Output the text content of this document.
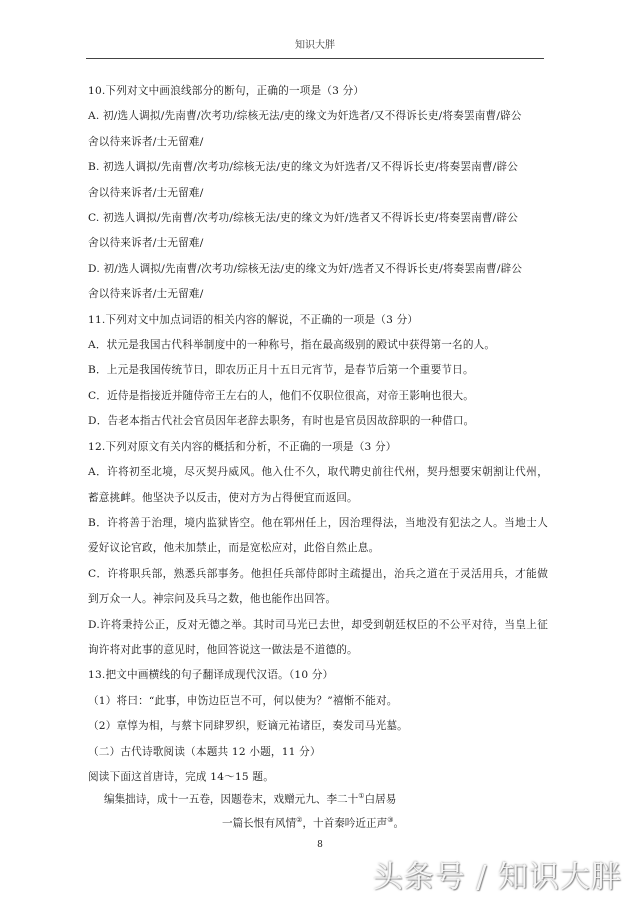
知识大胖

10.下列对文中画浪线部分的断句，正确的一项是（3 分）

A. 初/选人调拟/先南曹/次考功/综核无法/吏的缘文为奸选者/又不得诉长吏/将奏罢南曹/辟公

舍以待来诉者/士无留难/

B. 初选人调拟/先南曹/次考功/综核无法/吏的缘文为奸选者/又不得诉长吏/将奏罢南曹/辟公

舍以待来诉者/士无留难/

C. 初选人调拟/先南曹/次考功/综核无法/吏的缘文为奸/选者又不得诉长吏/将奏罢南曹/辟公

舍以待来诉者/士无留难/

D. 初/选人调拟/先南曹/次考功/综核无法/吏的缘文为奸/选者又不得诉长吏/将奏罢南曹/辟公

舍以待来诉者/士无留难/

11.下列对文中加点词语的相关内容的解说，不正确的一项是（3 分）

A．状元是我国古代科举制度中的一种称号，指在最高级别的殿试中获得第一名的人。

B．上元是我国传统节日，即农历正月十五日元宵节，是春节后第一个重要节日。

C．近侍是指接近并随侍帝王左右的人，他们不仅职位很高，对帝王影响也很大。

D．告老本指古代社会官员因年老辞去职务，有时也是官员因故辞职的一种借口。

12.下列对原文有关内容的概括和分析，不正确的一项是（3 分）

A．许将初至北境，尽灭契丹威风。他入仕不久，取代聘史前往代州，契丹想要宋朝割让代州，蓄意挑衅。他坚决予以反击，使对方为占得便宜而返回。

B．许将善于治理，境内监狱皆空。他在郓州任上，因治理得法，当地没有犯法之人。当地士人爱好议论官政，他未加禁止，而是宽松应对，此俗自然止息。

C．许将职兵部，熟悉兵部事务。他担任兵部侍郎时主疏提出，治兵之道在于灵活用兵，才能做到万众一人。神宗问及兵马之数，他也能作出回答。

D.许将秉持公正，反对无德之举。其时司马光已去世，却受到朝廷权臣的不公平对待，当皇上征询许将对此事的意见时，他回答说这一做法是不道德的。

13.把文中画横线的句子翻译成现代汉语。（10 分）

（1）将曰：“此事，申饬边臣岂不可，何以使为？”禧惭不能对。

（2）章惇为相，与蔡卞同肆罗织，贬谪元祐诸臣，奏发司马光墓。

（二）古代诗歌阅读（本题共 12 小题，11 分）

阅读下面这首唐诗，完成 14～15 题。

编集拙诗，成十一五卷，因题卷末，戏赠元九、李二十①白居易
一篇长恨有风情②，十首秦吟近正声③。
8
头条号 / 知识大胖
